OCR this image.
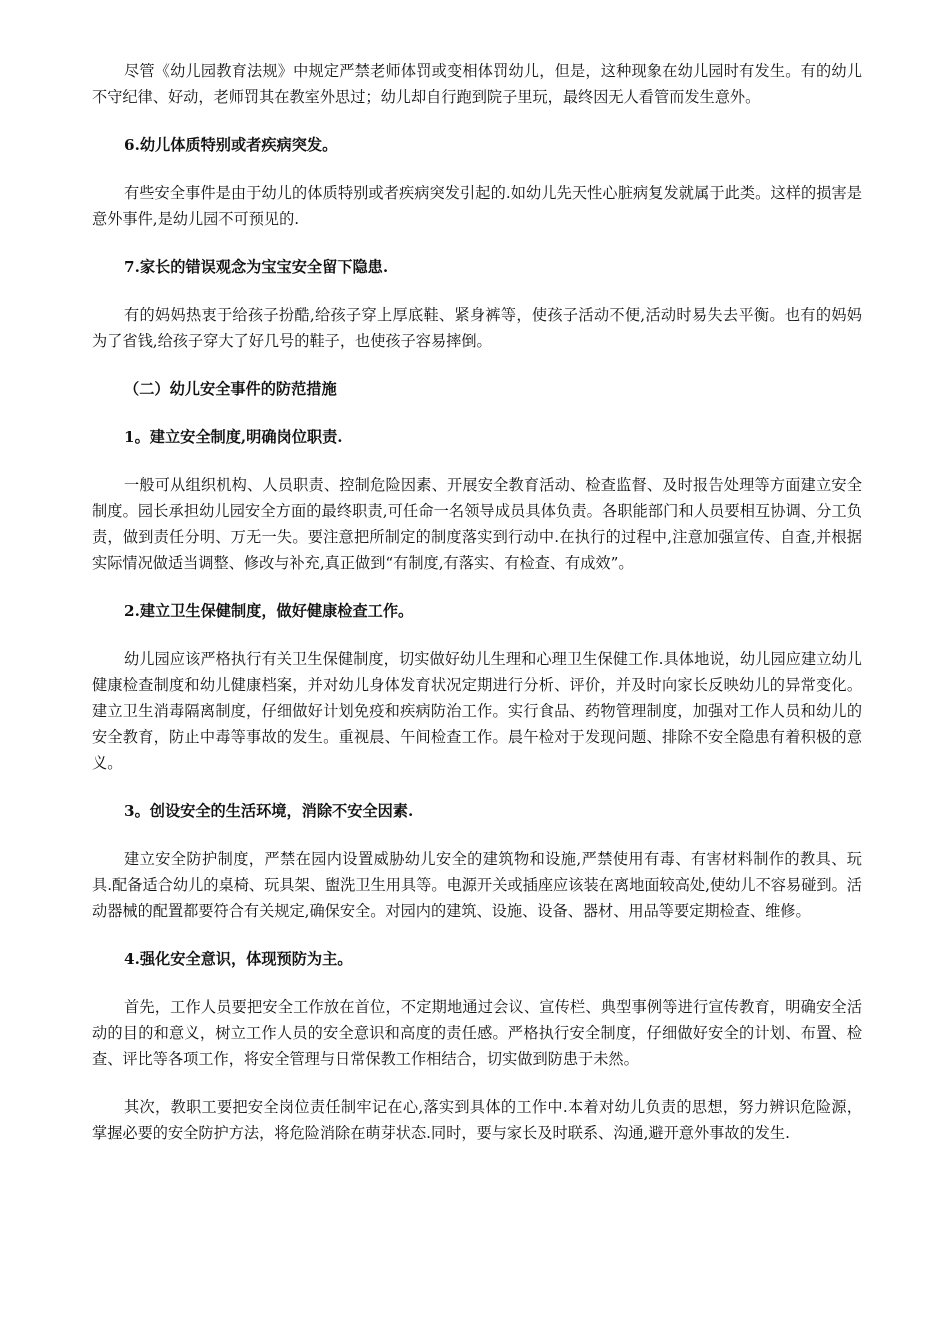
尽管《幼儿园教育法规》中规定严禁老师体罚或变相体罚幼儿，但是，这种现象在幼儿园时有发生。有的幼儿不守纪律、好动，老师罚其在教室外思过；幼儿却自行跑到院子里玩，最终因无人看管而发生意外。

6.幼儿体质特别或者疾病突发。

有些安全事件是由于幼儿的体质特别或者疾病突发引起的.如幼儿先天性心脏病复发就属于此类。这样的损害是意外事件,是幼儿园不可预见的.

7.家长的错误观念为宝宝安全留下隐患.

有的妈妈热衷于给孩子扮酷,给孩子穿上厚底鞋、紧身裤等，使孩子活动不便,活动时易失去平衡。也有的妈妈为了省钱,给孩子穿大了好几号的鞋子，也使孩子容易摔倒。

（二）幼儿安全事件的防范措施

1。建立安全制度,明确岗位职责.

一般可从组织机构、人员职责、控制危险因素、开展安全教育活动、检查监督、及时报告处理等方面建立安全制度。园长承担幼儿园安全方面的最终职责,可任命一名领导成员具体负责。各职能部门和人员要相互协调、分工负责，做到责任分明、万无一失。要注意把所制定的制度落实到行动中.在执行的过程中,注意加强宣传、自查,并根据实际情况做适当调整、修改与补充,真正做到“有制度,有落实、有检查、有成效”。

2.建立卫生保健制度，做好健康检查工作。

幼儿园应该严格执行有关卫生保健制度，切实做好幼儿生理和心理卫生保健工作.具体地说，幼儿园应建立幼儿健康检查制度和幼儿健康档案，并对幼儿身体发育状况定期进行分析、评价，并及时向家长反映幼儿的异常变化。建立卫生消毒隔离制度，仔细做好计划免疫和疾病防治工作。实行食品、药物管理制度，加强对工作人员和幼儿的安全教育，防止中毒等事故的发生。重视晨、午间检查工作。晨午检对于发现问题、排除不安全隐患有着积极的意义。

3。创设安全的生活环境，消除不安全因素.

建立安全防护制度，严禁在园内设置威胁幼儿安全的建筑物和设施,严禁使用有毒、有害材料制作的教具、玩具.配备适合幼儿的桌椅、玩具架、盥洗卫生用具等。电源开关或插座应该装在离地面较高处,使幼儿不容易碰到。活动器械的配置都要符合有关规定,确保安全。对园内的建筑、设施、设备、器材、用品等要定期检查、维修。

4.强化安全意识，体现预防为主。

首先，工作人员要把安全工作放在首位，不定期地通过会议、宣传栏、典型事例等进行宣传教育，明确安全活动的目的和意义，树立工作人员的安全意识和高度的责任感。严格执行安全制度，仔细做好安全的计划、布置、检查、评比等各项工作，将安全管理与日常保教工作相结合，切实做到防患于未然。

其次，教职工要把安全岗位责任制牢记在心,落实到具体的工作中.本着对幼儿负责的思想，努力辨识危险源，掌握必要的安全防护方法，将危险消除在萌芽状态.同时，要与家长及时联系、沟通,避开意外事故的发生.
